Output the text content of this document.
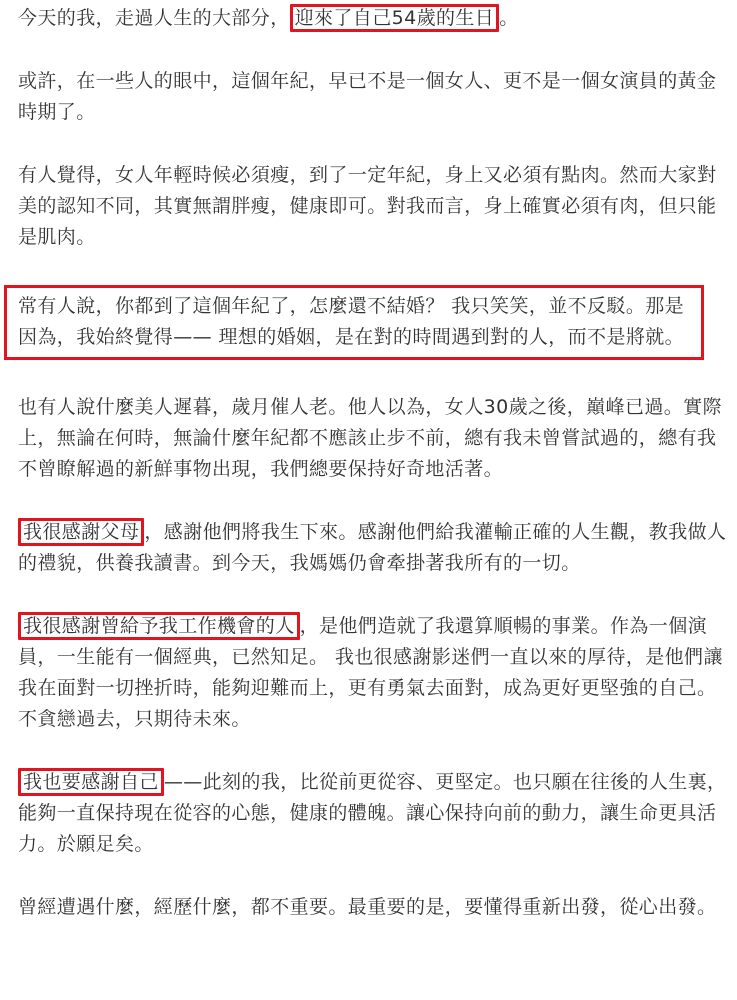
今天的我，走過人生的大部分， 迎來了自己54歲的生日 。

或許，在一些人的眼中，這個年紀，早已不是一個女人、更不是一個女演員的黃金時期了。

有人覺得，女人年輕時候必須瘦，到了一定年紀，身上又必須有點肉。然而大家對美的認知不同，其實無謂胖瘦，健康即可。對我而言，身上確實必須有肉，但只能是肌肉。

常有人說，你都到了這個年紀了，怎麼還不結婚？ 我只笑笑，並不反駁。那是因為，我始終覺得—— 理想的婚姻，是在對的時間遇到對的人，而不是將就。

也有人說什麼美人遲暮，歲月催人老。他人以為，女人30歲之後，巔峰已過。實際上，無論在何時，無論什麼年紀都不應該止步不前，總有我未曾嘗試過的，總有我不曾瞭解過的新鮮事物出現，我們總要保持好奇地活著。

我很感謝父母 ，感謝他們將我生下來。感謝他們給我灌輸正確的人生觀，教我做人的禮貌，供養我讀書。到今天，我媽媽仍會牽掛著我所有的一切。

我很感謝曾給予我工作機會的人 ，是他們造就了我還算順暢的事業。作為一個演員，一生能有一個經典，已然知足。 我也很感謝影迷們一直以來的厚待，是他們讓我在面對一切挫折時，能夠迎難而上，更有勇氣去面對，成為更好更堅強的自己。不貪戀過去，只期待未來。

我也要感謝自己 ——此刻的我，比從前更從容、更堅定。也只願在往後的人生裏，能夠一直保持現在從容的心態，健康的體魄。讓心保持向前的動力，讓生命更具活力。於願足矣。

曾經遭遇什麼，經歷什麼，都不重要。最重要的是，要懂得重新出發，從心出發。
